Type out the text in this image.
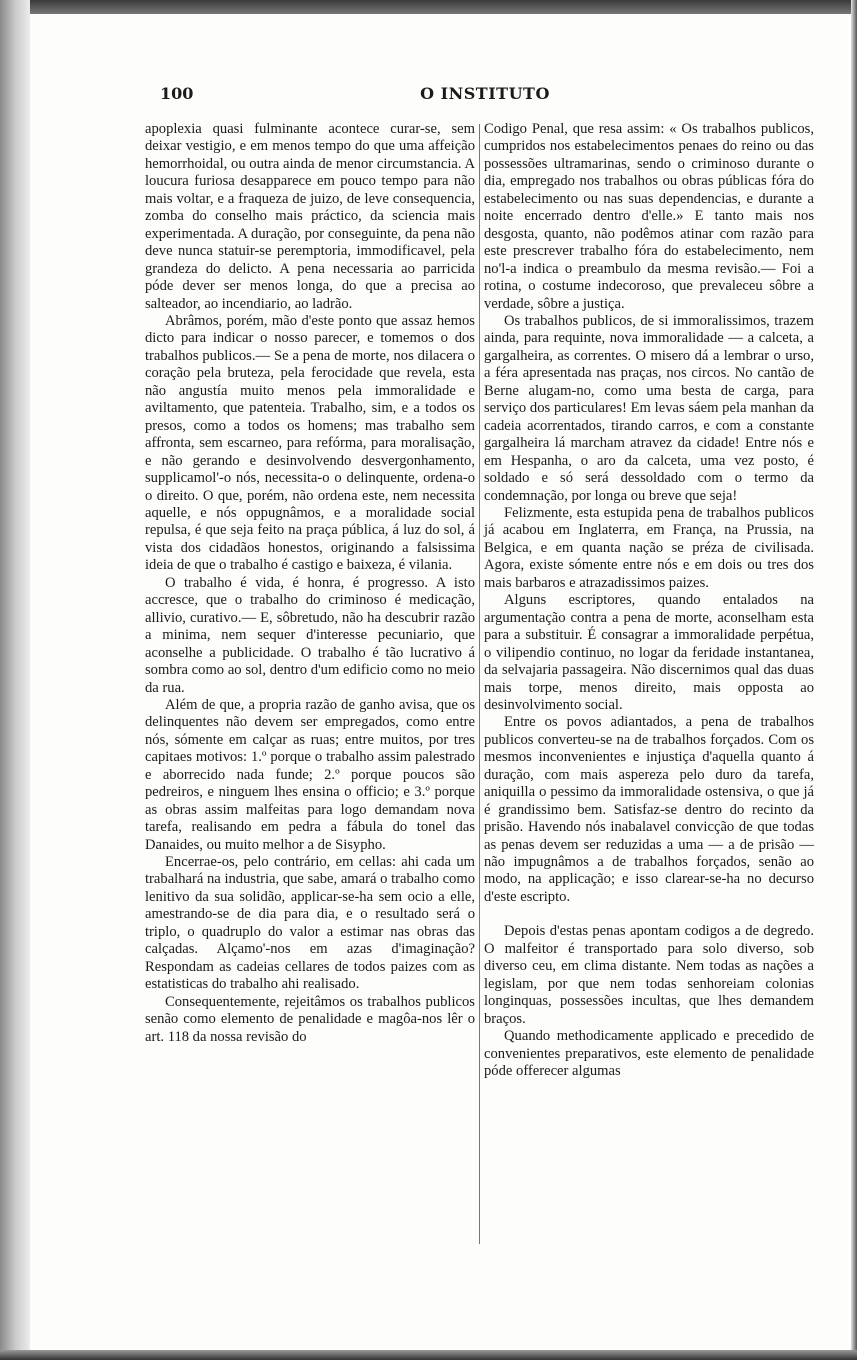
100	O INSTITUTO

apoplexia quasi fulminante acontece curar-se, sem deixar vestigio, e em menos tempo do que uma affeição hemorrhoidal, ou outra ainda de menor circumstancia. A loucura furiosa desapparece em pouco tempo para não mais voltar, e a fraqueza de juizo, de leve consequencia, zomba do conselho mais práctico, da sciencia mais experimentada. A duração, por conseguinte, da pena não deve nunca statuir-se peremptoria, immodificavel, pela grandeza do delicto. A pena necessaria ao parricida póde dever ser menos longa, do que a precisa ao salteador, ao incendiario, ao ladrão.

Abrâmos, porém, mão d'este ponto que assaz hemos dicto para indicar o nosso parecer, e tomemos o dos trabalhos publicos.— Se a pena de morte, nos dilacera o coração pela bruteza, pela ferocidade que revela, esta não angustía muito menos pela immoralidade e aviltamento, que patenteia. Trabalho, sim, e a todos os presos, como a todos os homens; mas trabalho sem affronta, sem escarneo, para refórma, para moralisação, e não gerando e desinvolvendo desvergonhamento, supplicamol'-o nós, necessita-o o delinquente, ordena-o o direito. O que, porém, não ordena este, nem necessita aquelle, e nós oppugnâmos, e a moralidade social repulsa, é que seja feito na praça pública, á luz do sol, á vista dos cidadãos honestos, originando a falsissima ideia de que o trabalho é castigo e baixeza, é vilania.

O trabalho é vida, é honra, é progresso. A isto accresce, que o trabalho do criminoso é medicação, allivio, curativo.— E, sôbretudo, não ha descubrir razão a minima, nem sequer d'interesse pecuniario, que aconselhe a publicidade. O trabalho é tão lucrativo á sombra como ao sol, dentro d'um edificio como no meio da rua.

Além de que, a propria razão de ganho avisa, que os delinquentes não devem ser empregados, como entre nós, sómente em calçar as ruas; entre muitos, por tres capitaes motivos: 1.º porque o trabalho assim palestrado e aborrecido nada funde; 2.º porque poucos são pedreiros, e ninguem lhes ensina o officio; e 3.º porque as obras assim malfeitas para logo demandam nova tarefa, realisando em pedra a fábula do tonel das Danaides, ou muito melhor a de Sisypho.

Encerrae-os, pelo contrário, em cellas: ahi cada um trabalhará na industria, que sabe, amará o trabalho como lenitivo da sua solidão, applicar-se-ha sem ocio a elle, amestrando-se de dia para dia, e o resultado será o triplo, o quadruplo do valor a estimar nas obras das calçadas. Alçamo'-nos em azas d'imaginação? Respondam as cadeias cellares de todos paizes com as estatisticas do trabalho ahi realisado.

Consequentemente, rejeitâmos os trabalhos publicos senão como elemento de penalidade e magôa-nos lêr o art. 118 da nossa revisão do

Codigo Penal, que resa assim: « Os trabalhos publicos, cumpridos nos estabelecimentos penaes do reino ou das possessões ultramarinas, sendo o criminoso durante o dia, empregado nos trabalhos ou obras públicas fóra do estabelecimento ou nas suas dependencias, e durante a noite encerrado dentro d'elle.» E tanto mais nos desgosta, quanto, não podêmos atinar com razão para este prescrever trabalho fóra do estabelecimento, nem no'l-a indica o preambulo da mesma revisão.— Foi a rotina, o costume indecoroso, que prevaleceu sôbre a verdade, sôbre a justiça.

Os trabalhos publicos, de si immoralissimos, trazem ainda, para requinte, nova immoralidade — a calceta, a gargalheira, as correntes. O misero dá a lembrar o urso, a féra apresentada nas praças, nos circos. No cantão de Berne alugam-no, como uma besta de carga, para serviço dos particulares! Em levas sáem pela manhan da cadeia acorrentados, tirando carros, e com a constante gargalheira lá marcham atravez da cidade! Entre nós e em Hespanha, o aro da calceta, uma vez posto, é soldado e só será dessoldado com o termo da condemnação, por longa ou breve que seja!

Felizmente, esta estupida pena de trabalhos publicos já acabou em Inglaterra, em França, na Prussia, na Belgica, e em quanta nação se préza de civilisada. Agora, existe sómente entre nós e em dois ou tres dos mais barbaros e atrazadissimos paizes.

Alguns escriptores, quando entalados na argumentação contra a pena de morte, aconselham esta para a substituir. É consagrar a immoralidade perpétua, o vilipendio continuo, no logar da feridade instantanea, da selvajaria passageira. Não discernimos qual das duas mais torpe, menos direito, mais opposta ao desinvolvimento social.

Entre os povos adiantados, a pena de trabalhos publicos converteu-se na de trabalhos forçados. Com os mesmos inconvenientes e injustiça d'aquella quanto á duração, com mais aspereza pelo duro da tarefa, aniquilla o pessimo da immoralidade ostensiva, o que já é grandissimo bem. Satisfaz-se dentro do recinto da prisão. Havendo nós inabalavel convicção de que todas as penas devem ser reduzidas a uma — a de prisão — não impugnâmos a de trabalhos forçados, senão ao modo, na applicação; e isso clarear-se-ha no decurso d'este escripto.

Depois d'estas penas apontam codigos a de degredo. O malfeitor é transportado para solo diverso, sob diverso ceu, em clima distante. Nem todas as nações a legislam, por que nem todas senhoreiam colonias longinquas, possessões incultas, que lhes demandem braços.

Quando methodicamente applicado e precedido de convenientes preparativos, este elemento de penalidade póde offerecer algumas
